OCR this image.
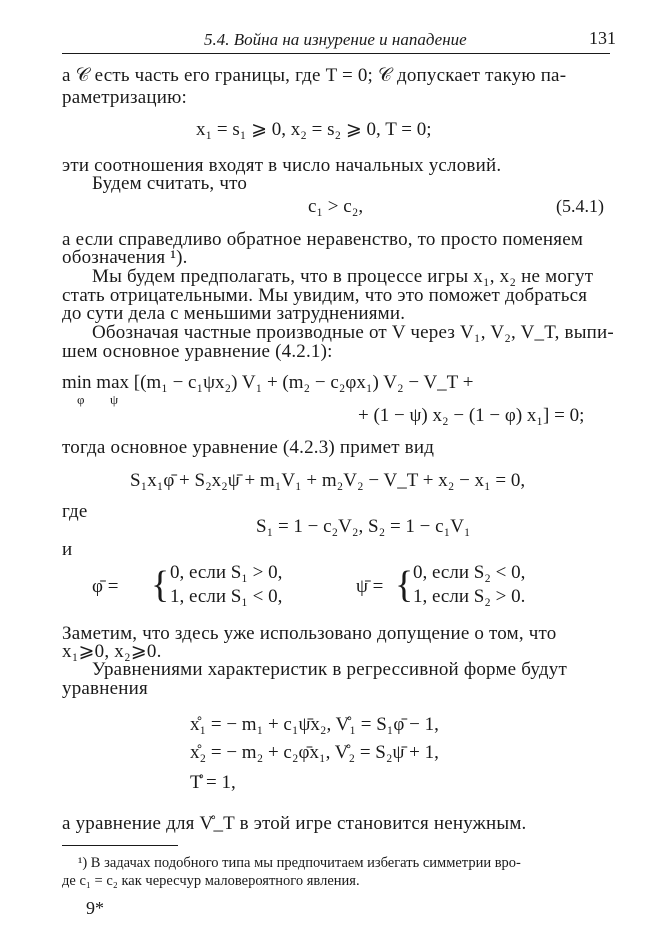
5.4. Война на изнурение и нападение	131
а 𝒞 есть часть его границы, где T = 0; 𝒞 допускает такую па-
раметризацию:
x₁ = s₁ ⩾ 0, x₂ = s₂ ⩾ 0, T = 0;
эти соотношения входят в число начальных условий.
Будем считать, что
c₁ > c₂,	(5.4.1)
а если справедливо обратное неравенство, то просто поменяем
обозначения ¹).
Мы будем предполагать, что в процессе игры x₁, x₂ не могут
стать отрицательными. Мы увидим, что это поможет добраться
до сути дела с меньшими затруднениями.
Обозначая частные производные от V через V₁, V₂, V_T, выпи-
шем основное уравнение (4.2.1):
min max [(m₁ − c₁ψx₂) V₁ + (m₂ − c₂φx₁) V₂ − V_T +
φ ψ
+ (1 − ψ) x₂ − (1 − φ) x₁] = 0;
тогда основное уравнение (4.2.3) примет вид
S₁x₁φ̄ + S₂x₂ψ̄ + m₁V₁ + m₂V₂ − V_T + x₂ − x₁ = 0,
где
S₁ = 1 − c₂V₂, S₂ = 1 − c₁V₁
и
φ̄ = { 0, если S₁ > 0,
1, если S₁ < 0,	ψ̄ = { 0, если S₂ < 0,
1, если S₂ > 0.
Заметим, что здесь уже использовано допущение о том, что
x₁⩾0, x₂⩾0.
Уравнениями характеристик в регрессивной форме будут
уравнения
x̊₁ = − m₁ + c₁ψ̄x₂, V̊₁ = S₁φ̄ − 1,
x̊₂ = − m₂ + c₂φ̄x₁, V̊₂ = S₂ψ̄ + 1,
T̊ = 1,
а уравнение для V̊_T в этой игре становится ненужным.
¹) В задачах подобного типа мы предпочитаем избегать симметрии вро-
де c₁ = c₂ как чересчур маловероятного явления.
9*
